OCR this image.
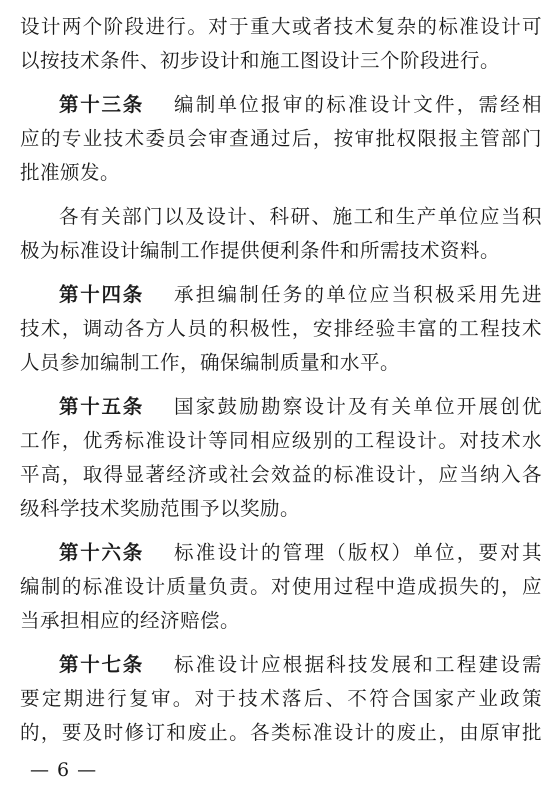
设计两个阶段进行。对于重大或者技术复杂的标准设计可
以按技术条件、初步设计和施工图设计三个阶段进行。
第十三条 编制单位报审的标准设计文件，需经相
应的专业技术委员会审查通过后，按审批权限报主管部门
批准颁发。
各有关部门以及设计、科研、施工和生产单位应当积
极为标准设计编制工作提供便利条件和所需技术资料。
第十四条 承担编制任务的单位应当积极采用先进
技术，调动各方人员的积极性，安排经验丰富的工程技术
人员参加编制工作，确保编制质量和水平。
第十五条 国家鼓励勘察设计及有关单位开展创优
工作，优秀标准设计等同相应级别的工程设计。对技术水
平高，取得显著经济或社会效益的标准设计，应当纳入各
级科学技术奖励范围予以奖励。
第十六条 标准设计的管理（版权）单位，要对其
编制的标准设计质量负责。对使用过程中造成损失的，应
当承担相应的经济赔偿。
第十七条 标准设计应根据科技发展和工程建设需
要定期进行复审。对于技术落后、不符合国家产业政策
的，要及时修订和废止。各类标准设计的废止，由原审批
— 6 —
